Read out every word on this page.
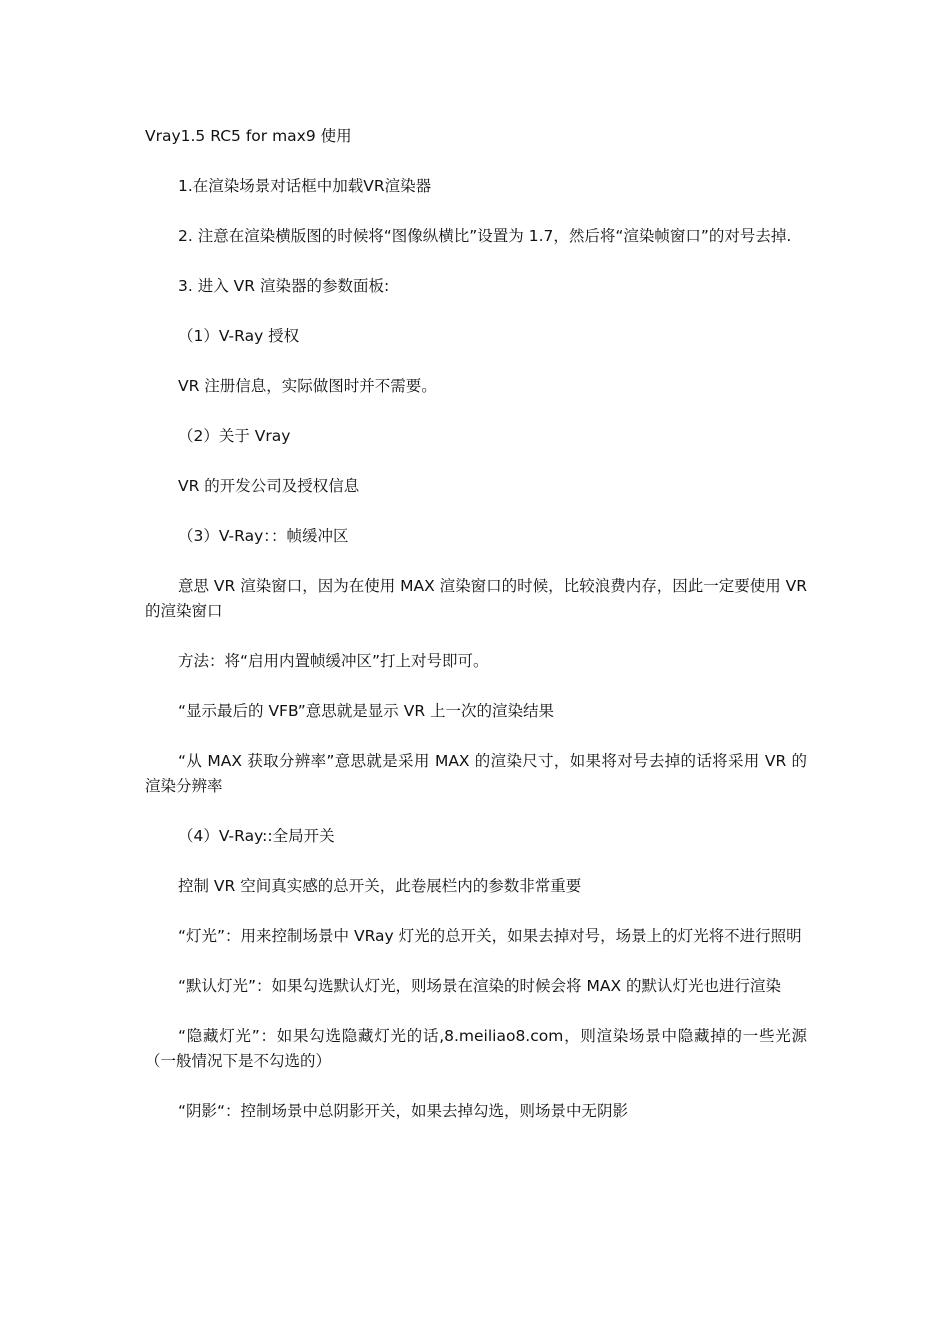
Vray1.5 RC5 for max9 使用

1.在渲染场景对话框中加载VR渲染器

2. 注意在渲染横版图的时候将“图像纵横比”设置为 1.7，然后将“渲染帧窗口”的对号去掉.

3. 进入 VR 渲染器的参数面板:

（1）V-Ray 授权

VR 注册信息，实际做图时并不需要。

（2）关于 Vray

VR 的开发公司及授权信息

（3）V-Ray：：帧缓冲区

意思 VR 渲染窗口，因为在使用 MAX 渲染窗口的时候，比较浪费内存，因此一定要使用 VR 的渲染窗口

方法：将“启用内置帧缓冲区”打上对号即可。

“显示最后的 VFB”意思就是显示 VR 上一次的渲染结果

“从 MAX 获取分辨率”意思就是采用 MAX 的渲染尺寸，如果将对号去掉的话将采用 VR 的渲染分辨率

（4）V-Ray::全局开关

控制 VR 空间真实感的总开关，此卷展栏内的参数非常重要

“灯光”：用来控制场景中 VRay 灯光的总开关，如果去掉对号，场景上的灯光将不进行照明

“默认灯光”：如果勾选默认灯光，则场景在渲染的时候会将 MAX 的默认灯光也进行渲染

“隐藏灯光”：如果勾选隐藏灯光的话,8.meiliao8.com，则渲染场景中隐藏掉的一些光源（一般情况下是不勾选的）

“阴影“：控制场景中总阴影开关，如果去掉勾选，则场景中无阴影
